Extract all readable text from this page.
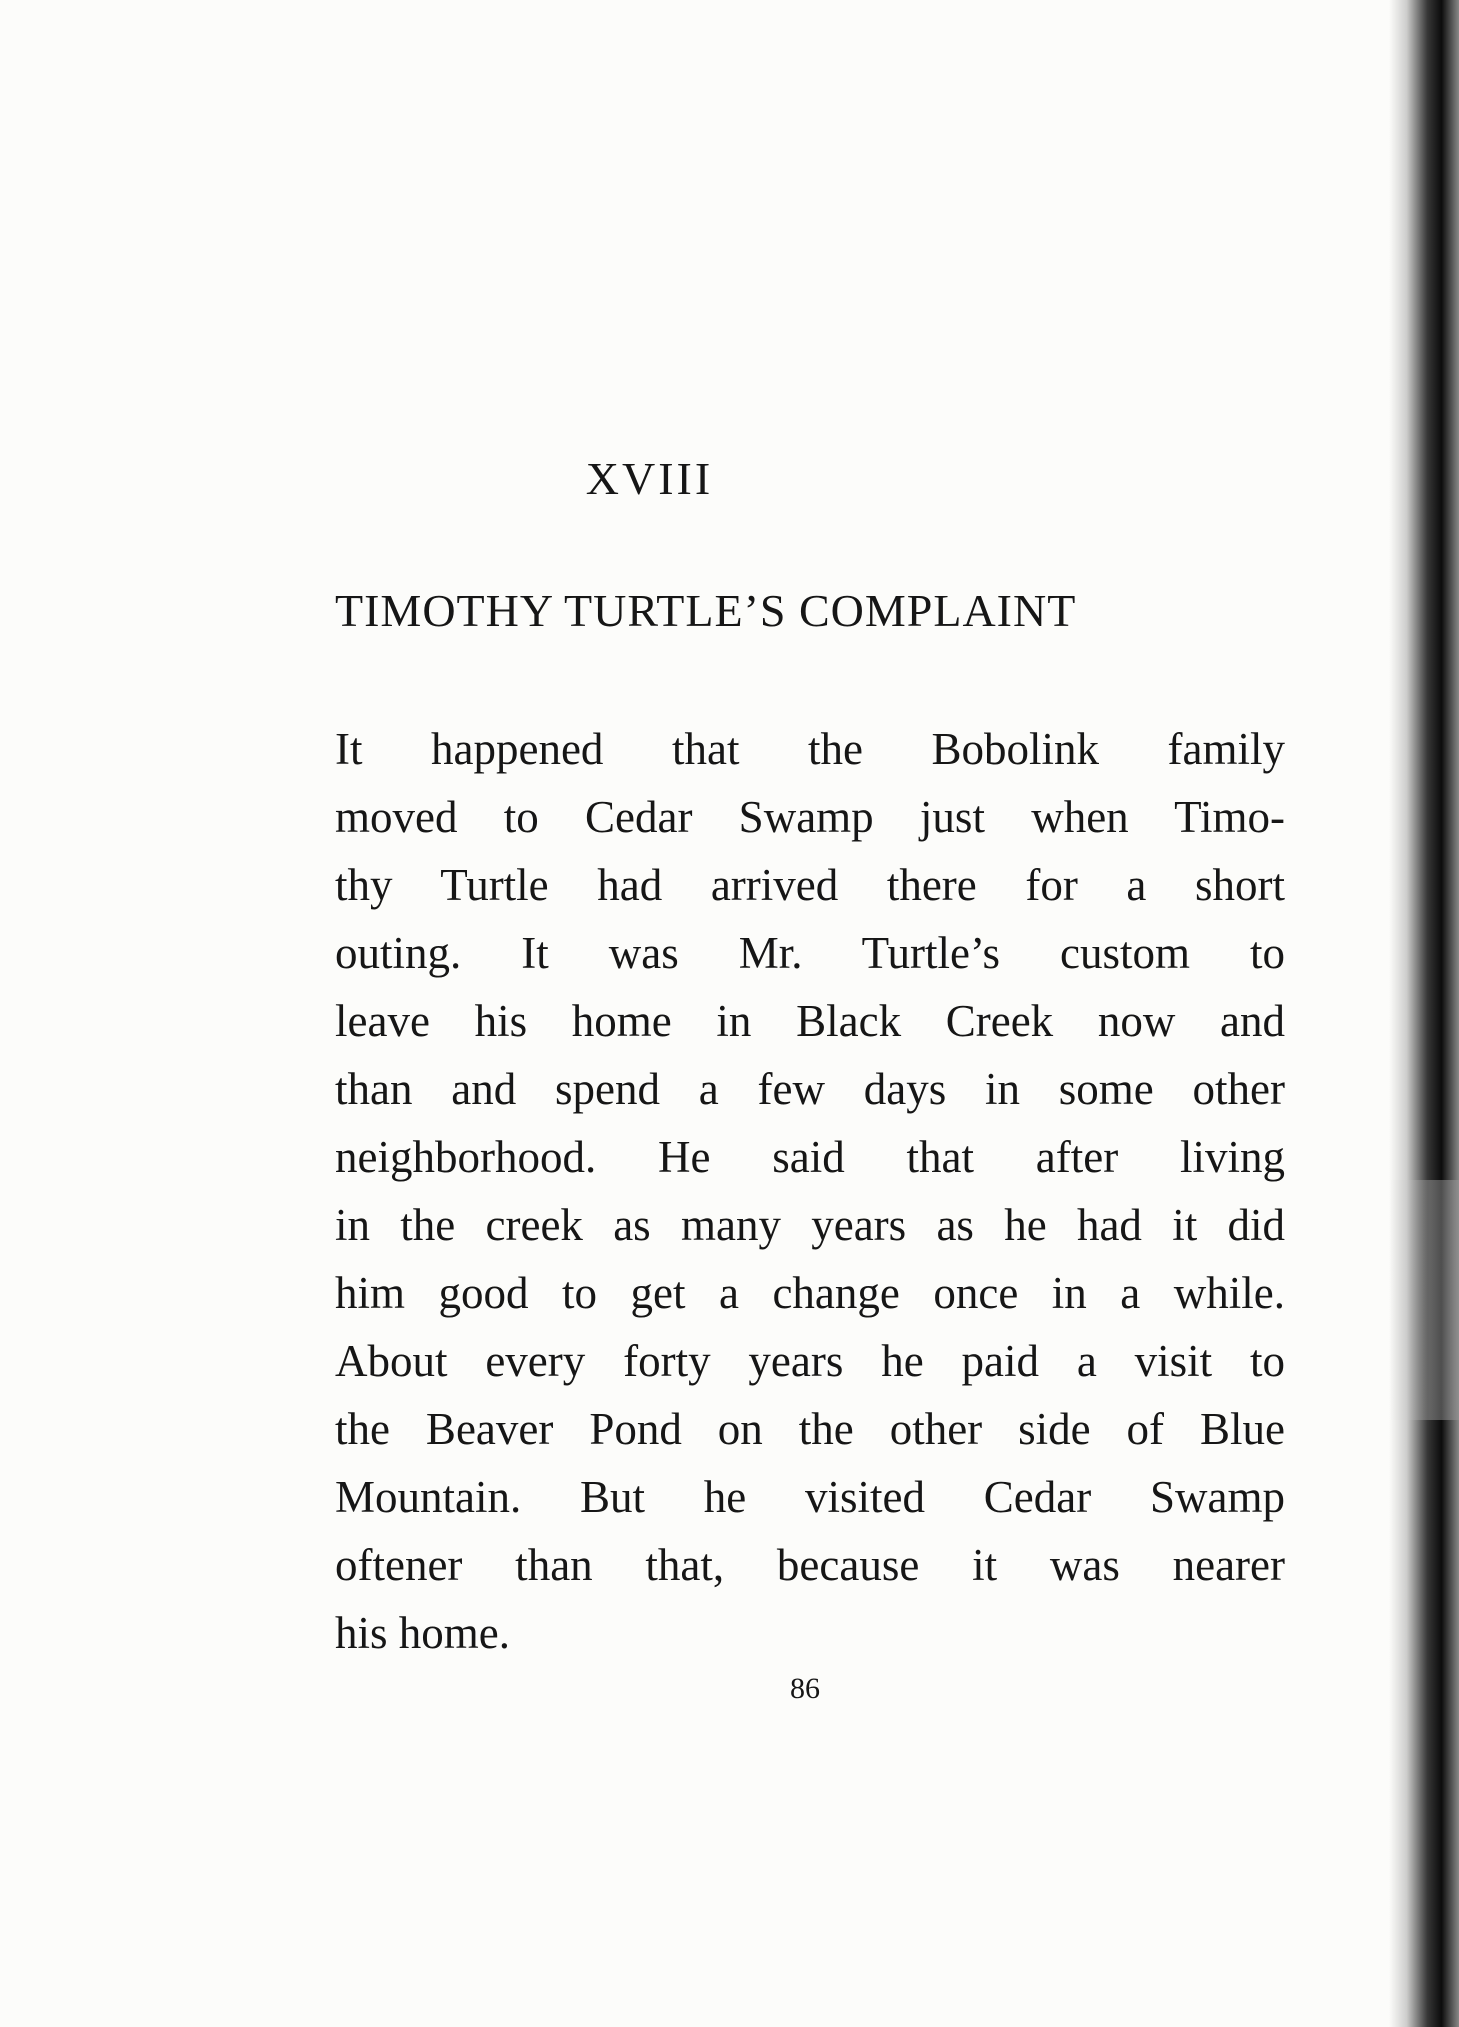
XVIII
TIMOTHY TURTLE’S COMPLAINT
It happened that the Bobolink family
moved to Cedar Swamp just when Timo-
thy Turtle had arrived there for a short
outing. It was Mr. Turtle’s custom to
leave his home in Black Creek now and
than and spend a few days in some other
neighborhood. He said that after living
in the creek as many years as he had it did
him good to get a change once in a while.
About every forty years he paid a visit to
the Beaver Pond on the other side of Blue
Mountain. But he visited Cedar Swamp
oftener than that, because it was nearer
his home.
86
